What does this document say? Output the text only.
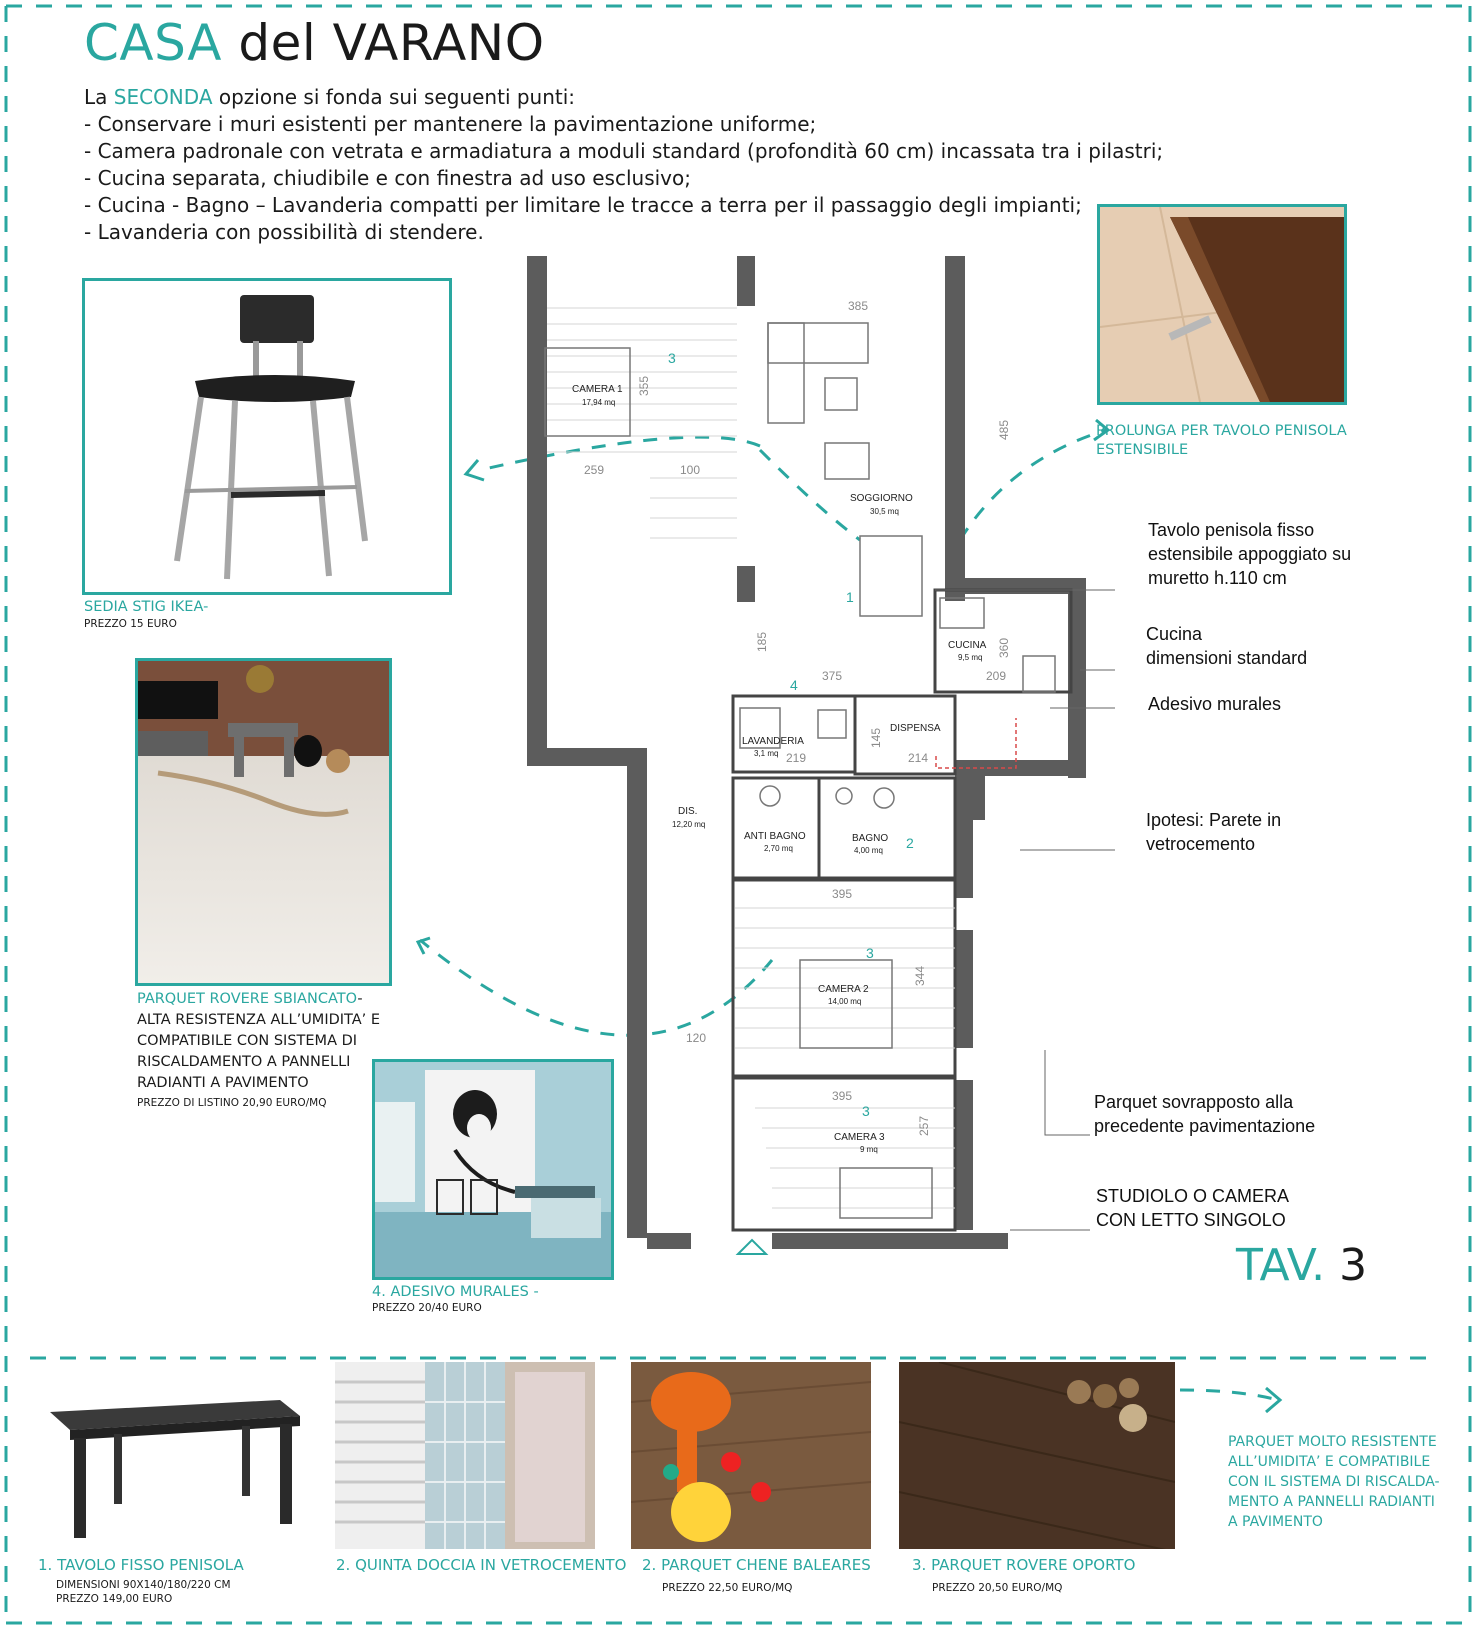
CASA del VARANO
La SECONDA opzione si fonda sui seguenti punti:
- Conservare i muri esistenti per mantenere la pavimentazione uniforme;
- Camera padronale con vetrata e armadiatura a moduli standard (profondità 60 cm) incassata tra i pilastri;
- Cucina separata, chiudibile e con finestra ad uso esclusivo;
- Cucina - Bagno – Lavanderia compatti per limitare le tracce a terra per il passaggio degli impianti;
- Lavanderia con possibilità di stendere.
SEDIA STIG IKEA-
PREZZO 15 EURO
PROLUNGA PER TAVOLO PENISOLA
ESTENSIBILE
PARQUET ROVERE SBIANCATO-
ALTA RESISTENZA ALL’UMIDITA’ E
COMPATIBILE CON SISTEMA DI
RISCALDAMENTO A PANNELLI
RADIANTI A PAVIMENTO
PREZZO DI LISTINO 20,90 EURO/MQ
4. ADESIVO MURALES -
PREZZO 20/40 EURO
CAMERA 1
17,94 mq
SOGGIORNO
30,5 mq
CUCINA
9,5 mq
DISPENSA
LAVANDERIA
3,1 mq
DIS.
12,20 mq
ANTI BAGNO
2,70 mq
BAGNO
4,00 mq
CAMERA 2
14,00 mq
CAMERA 3
9 mq
385
355
485
259	100
185
375
360
209
145
219	214
395
344
120
395
257
3
1
4
2
3
3
Tavolo penisola fisso
estensibile appoggiato su
muretto h.110 cm
Cucina
dimensioni standard
Adesivo murales
Ipotesi: Parete in
vetrocemento
Parquet sovrapposto alla
precedente pavimentazione
STUDIOLO O CAMERA
CON LETTO SINGOLO
TAV. 3
PARQUET MOLTO RESISTENTE
ALL’UMIDITA’ E COMPATIBILE
CON IL SISTEMA DI RISCALDA-
MENTO A PANNELLI RADIANTI
A PAVIMENTO
1. TAVOLO FISSO PENISOLA
DIMENSIONI 90X140/180/220 CM
PREZZO 149,00 EURO
2. QUINTA DOCCIA IN VETROCEMENTO 2. PARQUET CHENE BALEARES
PREZZO 22,50 EURO/MQ
3. PARQUET ROVERE OPORTO
PREZZO 20,50 EURO/MQ
